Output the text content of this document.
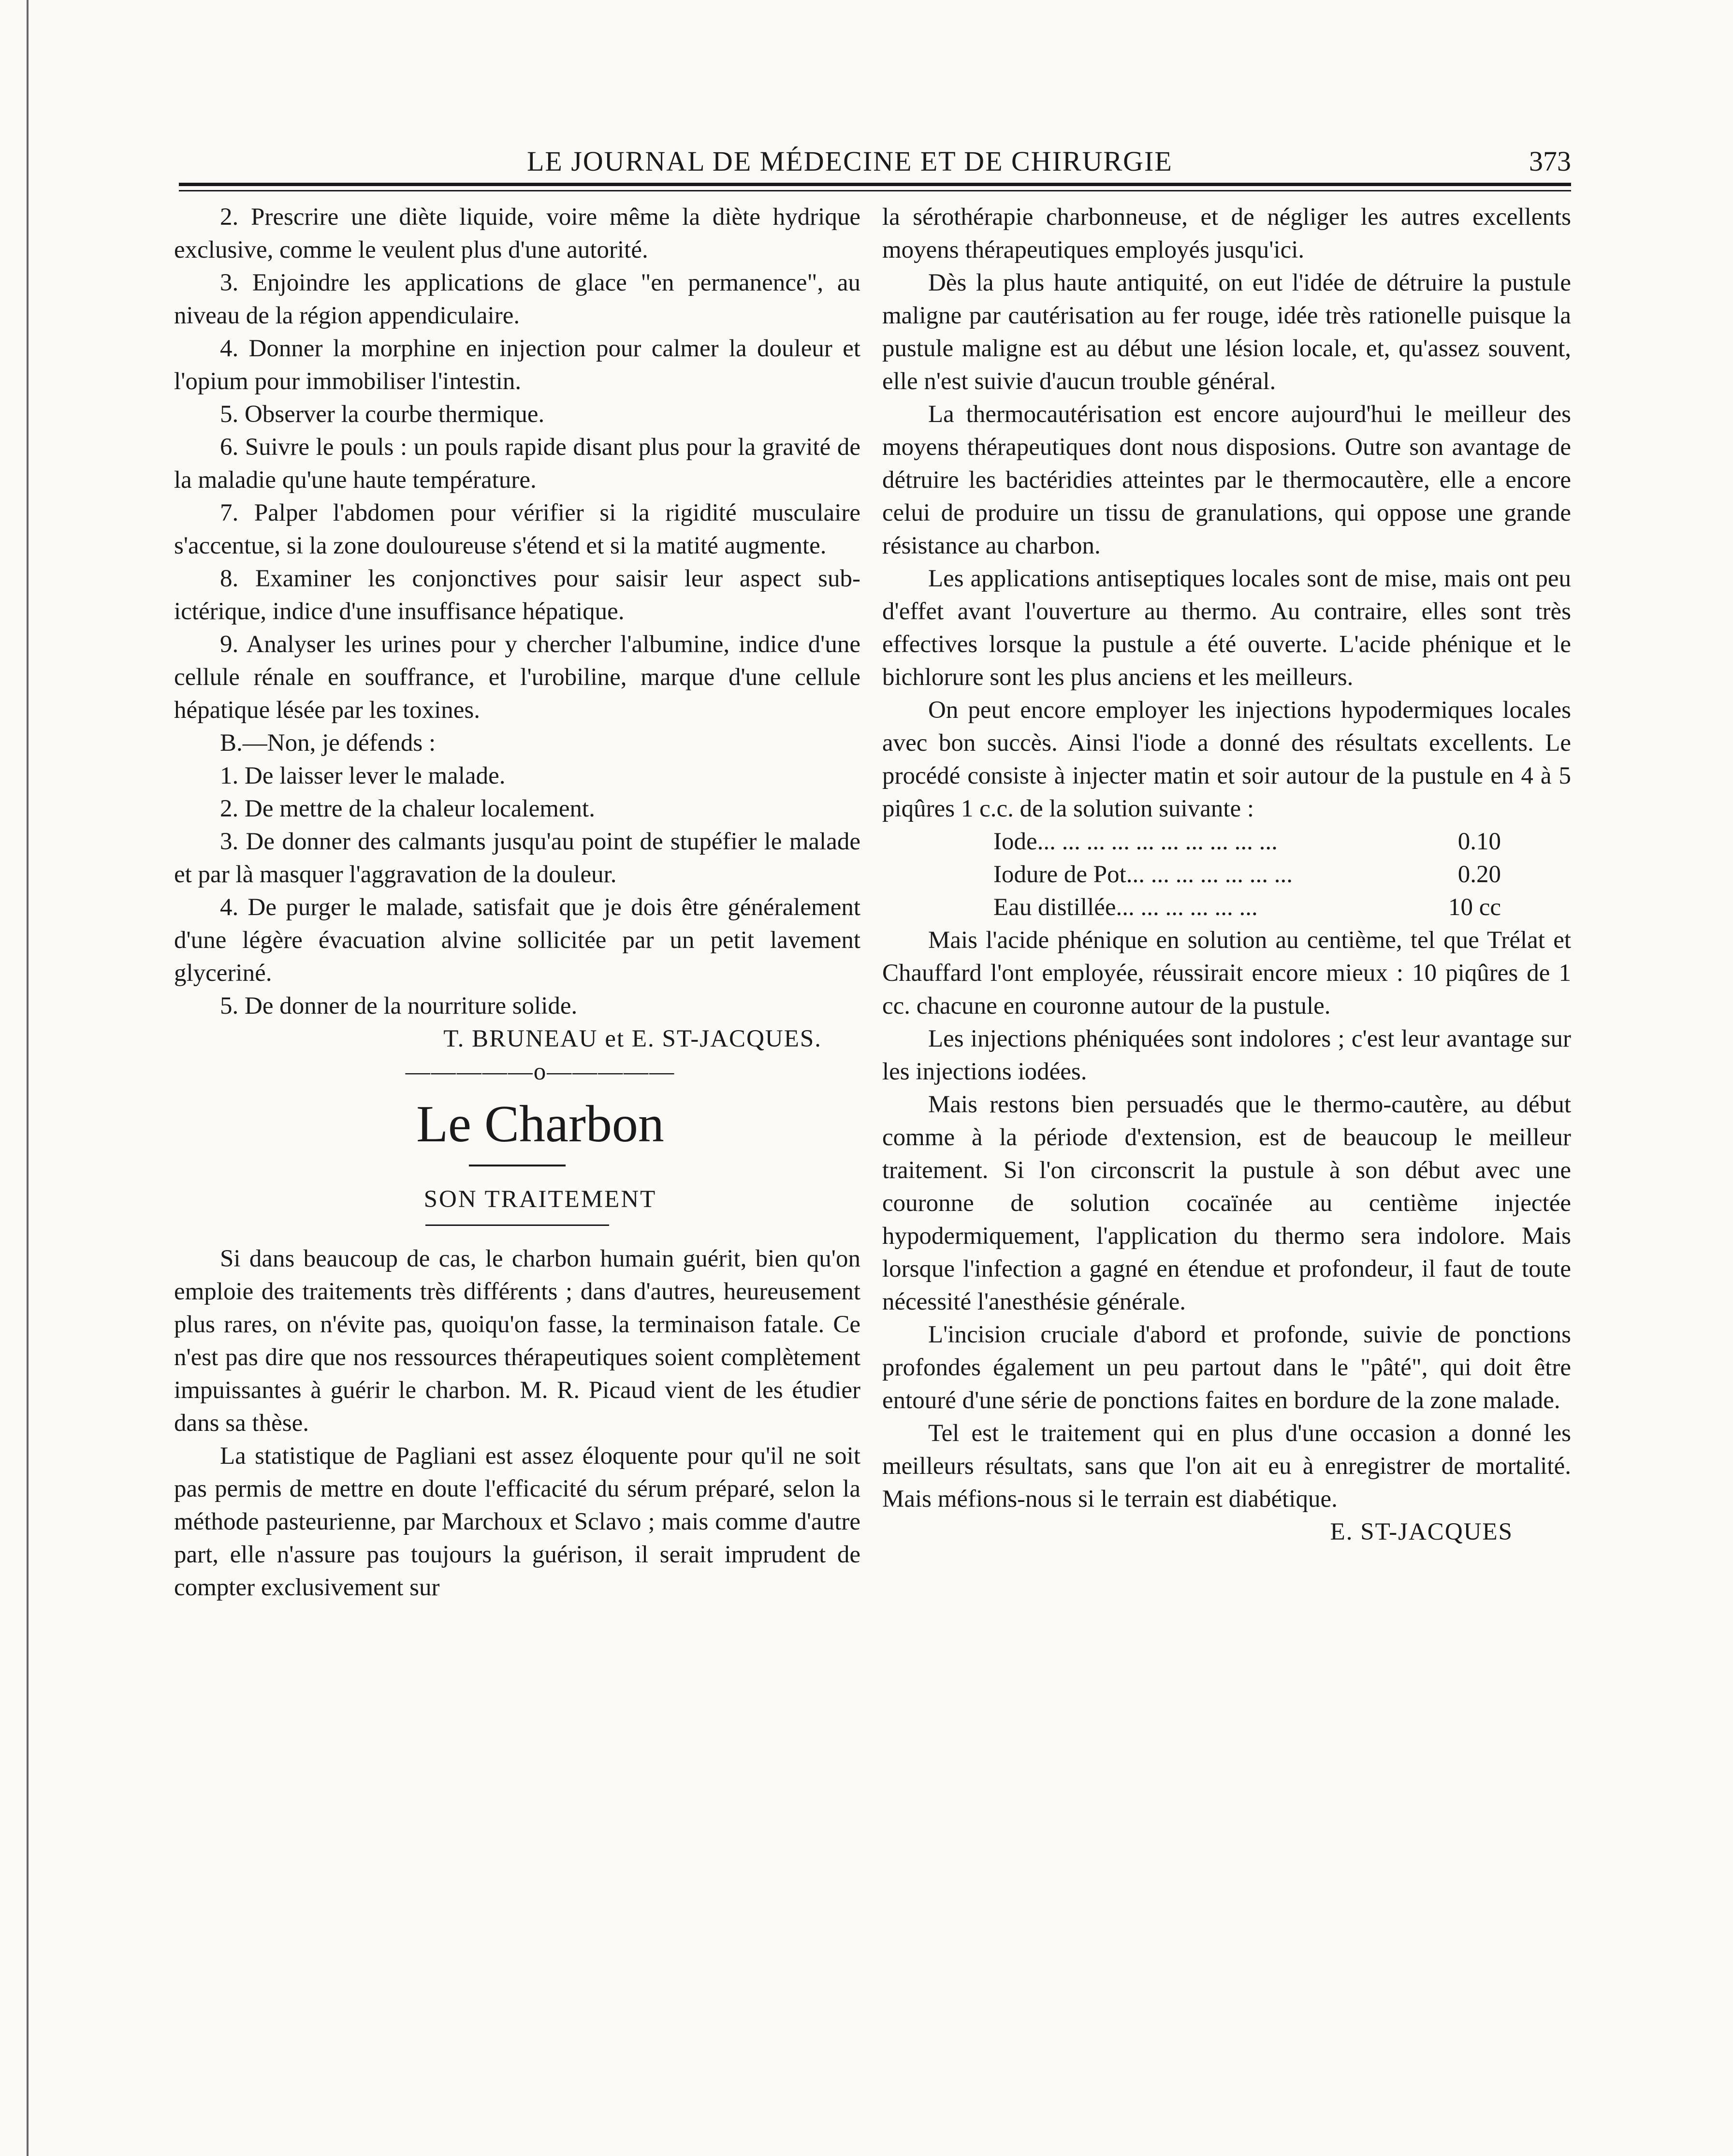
LE JOURNAL DE MÉDECINE ET DE CHIRURGIE	373

2. Prescrire une diète liquide, voire même la diète hydrique exclusive, comme le veulent plus d'une autorité.

3. Enjoindre les applications de glace "en permanence", au niveau de la région appendiculaire.

4. Donner la morphine en injection pour calmer la douleur et l'opium pour immobiliser l'intestin.

5. Observer la courbe thermique.

6. Suivre le pouls : un pouls rapide disant plus pour la gravité de la maladie qu'une haute température.

7. Palper l'abdomen pour vérifier si la rigidité musculaire s'accentue, si la zone douloureuse s'étend et si la matité augmente.

8. Examiner les conjonctives pour saisir leur aspect sub-ictérique, indice d'une insuffisance hépatique.

9. Analyser les urines pour y chercher l'albumine, indice d'une cellule rénale en souffrance, et l'urobiline, marque d'une cellule hépatique lésée par les toxines.

B.—Non, je défends :

1. De laisser lever le malade.

2. De mettre de la chaleur localement.

3. De donner des calmants jusqu'au point de stupéfier le malade et par là masquer l'aggravation de la douleur.

4. De purger le malade, satisfait que je dois être généralement d'une légère évacuation alvine sollicitée par un petit lavement glyceriné.

5. De donner de la nourriture solide.

T. BRUNEAU et E. ST-JACQUES.

—————o—————

Le Charbon

SON TRAITEMENT

Si dans beaucoup de cas, le charbon humain guérit, bien qu'on emploie des traitements très différents ; dans d'autres, heureusement plus rares, on n'évite pas, quoiqu'on fasse, la terminaison fatale. Ce n'est pas dire que nos ressources thérapeutiques soient complètement impuissantes à guérir le charbon. M. R. Picaud vient de les étudier dans sa thèse.

La statistique de Pagliani est assez éloquente pour qu'il ne soit pas permis de mettre en doute l'efficacité du sérum préparé, selon la méthode pasteurienne, par Marchoux et Sclavo ; mais comme d'autre part, elle n'assure pas toujours la guérison, il serait imprudent de compter exclusivement sur

la sérothérapie charbonneuse, et de négliger les autres excellents moyens thérapeutiques employés jusqu'ici.

Dès la plus haute antiquité, on eut l'idée de détruire la pustule maligne par cautérisation au fer rouge, idée très rationelle puisque la pustule maligne est au début une lésion locale, et, qu'assez souvent, elle n'est suivie d'aucun trouble général.

La thermocautérisation est encore aujourd'hui le meilleur des moyens thérapeutiques dont nous disposions. Outre son avantage de détruire les bactéridies atteintes par le thermocautère, elle a encore celui de produire un tissu de granulations, qui oppose une grande résistance au charbon.

Les applications antiseptiques locales sont de mise, mais ont peu d'effet avant l'ouverture au thermo. Au contraire, elles sont très effectives lorsque la pustule a été ouverte. L'acide phénique et le bichlorure sont les plus anciens et les meilleurs.

On peut encore employer les injections hypodermiques locales avec bon succès. Ainsi l'iode a donné des résultats excellents. Le procédé consiste à injecter matin et soir autour de la pustule en 4 à 5 piqûres 1 c.c. de la solution suivante :

Iode... ... ... ... ... ... ... ... ... ...	0.10
Iodure de Pot... ... ... ... ... ... ...	0.20
Eau distillée... ... ... ... ... ...	10 cc

Mais l'acide phénique en solution au centième, tel que Trélat et Chauffard l'ont employée, réussirait encore mieux : 10 piqûres de 1 cc. chacune en couronne autour de la pustule.

Les injections phéniquées sont indolores ; c'est leur avantage sur les injections iodées.

Mais restons bien persuadés que le thermo-cautère, au début comme à la période d'extension, est de beaucoup le meilleur traitement. Si l'on circonscrit la pustule à son début avec une couronne de solution cocaïnée au centième injectée hypodermiquement, l'application du thermo sera indolore. Mais lorsque l'infection a gagné en étendue et profondeur, il faut de toute nécessité l'anesthésie générale.

L'incision cruciale d'abord et profonde, suivie de ponctions profondes également un peu partout dans le "pâté", qui doit être entouré d'une série de ponctions faites en bordure de la zone malade.

Tel est le traitement qui en plus d'une occasion a donné les meilleurs résultats, sans que l'on ait eu à enregistrer de mortalité. Mais méfions-nous si le terrain est diabétique.

E. ST-JACQUES
